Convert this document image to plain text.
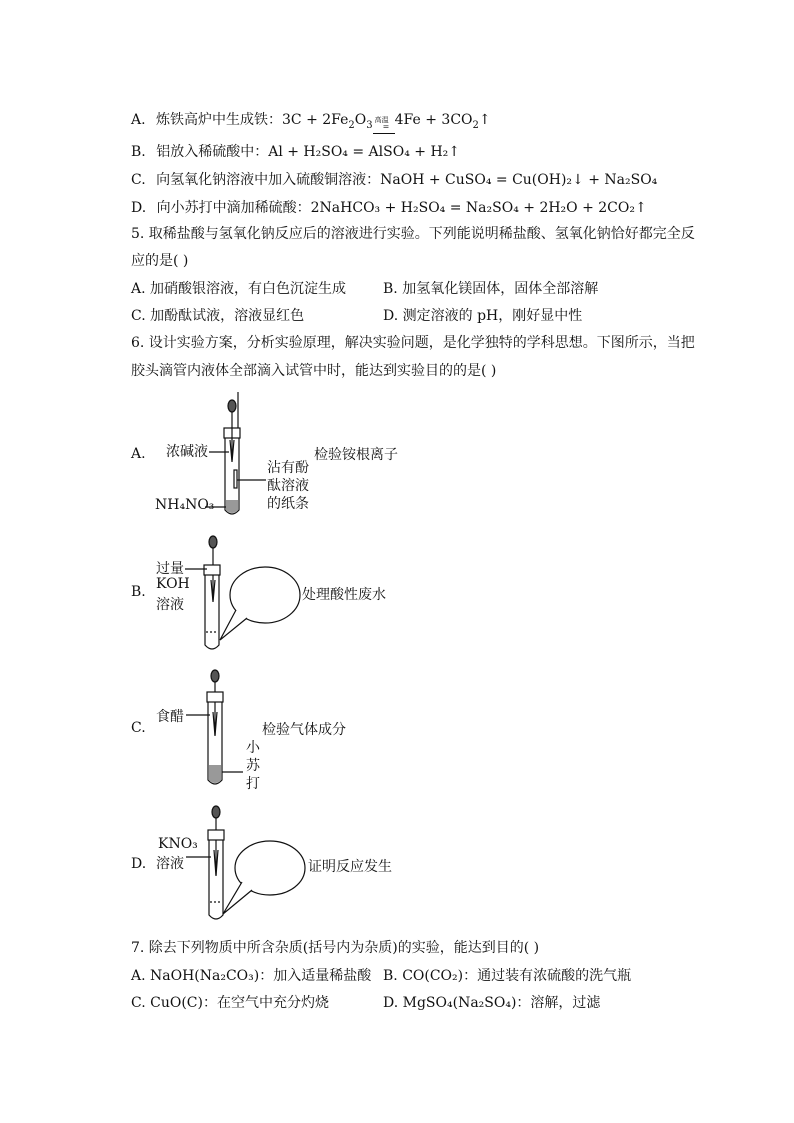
A. 炼铁高炉中生成铁：$3C + 2Fe_2O_3$ 高温
= $4Fe + 3CO_2↑$
B. 铝放入稀硫酸中：Al + H₂SO₄ = AlSO₄ + H₂↑
C. 向氢氧化钠溶液中加入硫酸铜溶液：NaOH + CuSO₄ = Cu(OH)₂↓ + Na₂SO₄
D. 向小苏打中滴加稀硫酸：2NaHCO₃ + H₂SO₄ = Na₂SO₄ + 2H₂O + 2CO₂↑
5. 取稀盐酸与氢氧化钠反应后的溶液进行实验。下列能说明稀盐酸、氢氧化钠恰好都完全反
应的是( )
A. 加硝酸银溶液，有白色沉淀生成	B. 加氢氧化镁固体，固体全部溶解
C. 加酚酞试液，溶液显红色	D. 测定溶液的 pH，刚好显中性
6. 设计实验方案，分析实验原理，解决实验问题，是化学独特的学科思想。下图所示，当把
胶头滴管内液体全部滴入试管中时，能达到实验目的的是( )
A. 浓碱液	检验铵根离子
沾有酚
酞溶液
的纸条
NH₄NO₃
B.
过量
KOH
溶液
处理酸性废水
C.
食醋
检验气体成分
小
苏
打
D.
KNO₃
溶液	证明反应发生
7. 除去下列物质中所含杂质(括号内为杂质)的实验，能达到目的( )
A. NaOH(Na₂CO₃)：加入适量稀盐酸 B. CO(CO₂)：通过装有浓硫酸的洗气瓶
C. CuO(C)：在空气中充分灼烧	D. MgSO₄(Na₂SO₄)：溶解，过滤
